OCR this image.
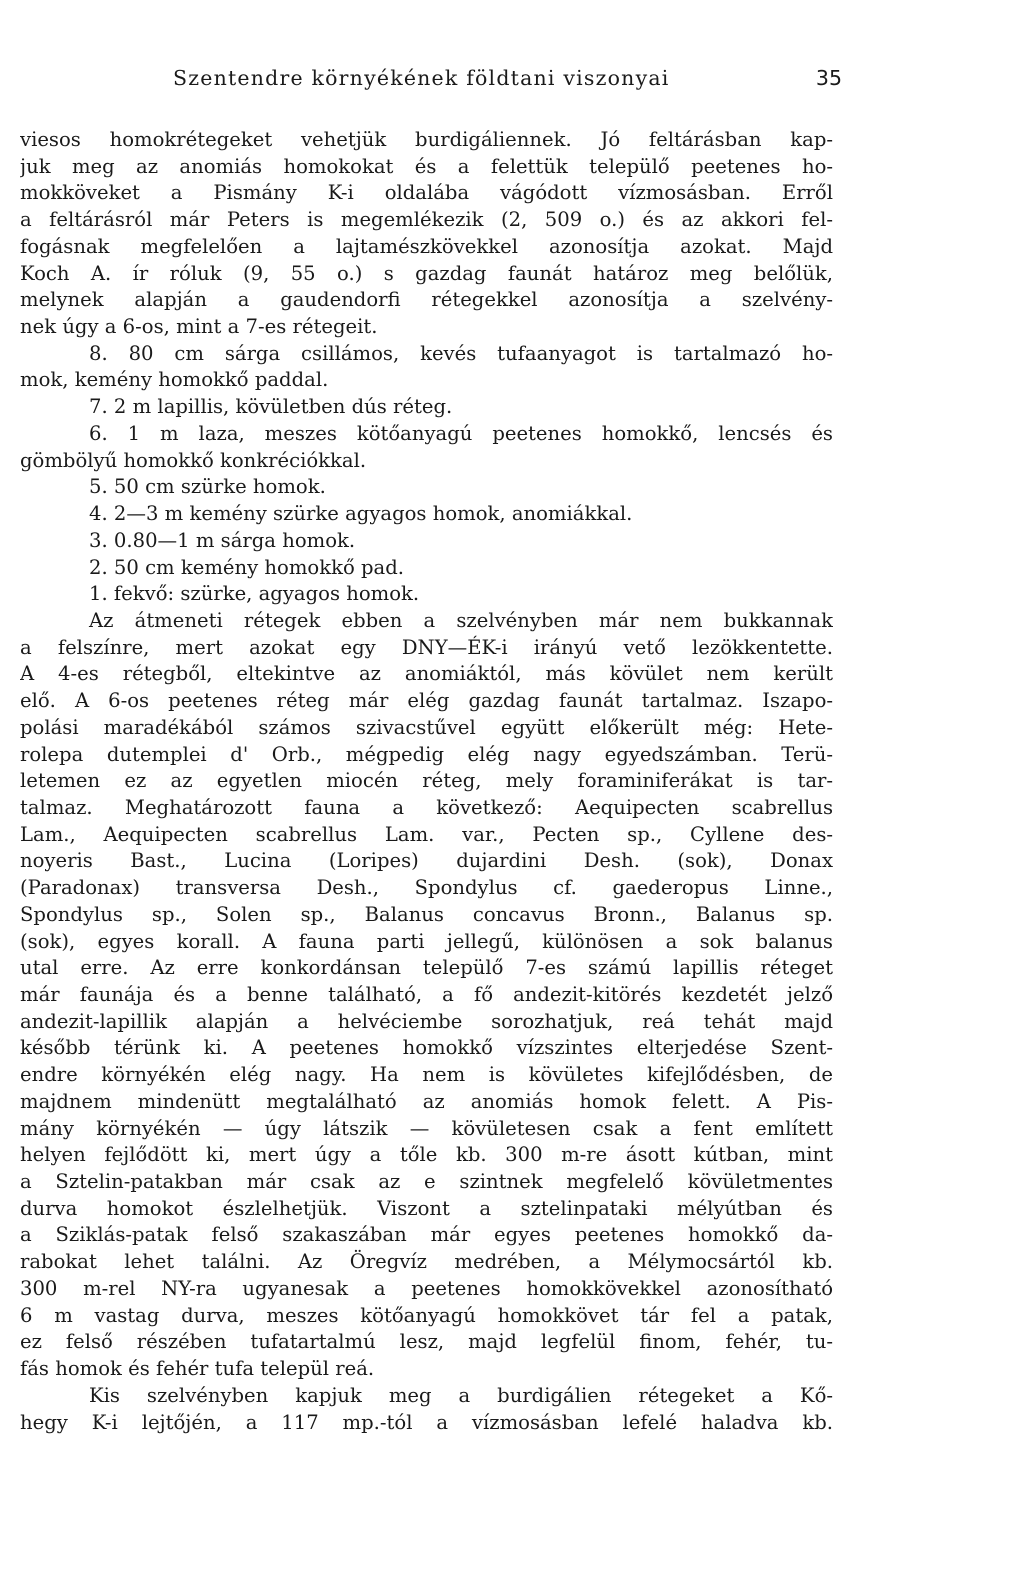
Szentendre környékének földtani viszonyai	35
viesos homokrétegeket vehetjük burdigáliennek. Jó feltárásban kap-
juk meg az anomiás homokokat és a felettük települő peetenes ho-
mokköveket a Pismány K-i oldalába vágódott vízmosásban. Erről
a feltárásról már Peters is megemlékezik (2, 509 o.) és az akkori fel-
fogásnak megfelelően a lajtamészkövekkel azonosítja azokat. Majd
Koch A. ír róluk (9, 55 o.) s gazdag faunát határoz meg belőlük,
melynek alapján a gaudendorfi rétegekkel azonosítja a szelvény-
nek úgy a 6-os, mint a 7-es rétegeit.
8. 80 cm sárga csillámos, kevés tufaanyagot is tartalmazó ho-
mok, kemény homokkő paddal.
7. 2 m lapillis, kövületben dús réteg.
6. 1 m laza, meszes kötőanyagú peetenes homokkő, lencsés és
gömbölyű homokkő konkréciókkal.
5. 50 cm szürke homok.
4. 2—3 m kemény szürke agyagos homok, anomiákkal.
3. 0.80—1 m sárga homok.
2. 50 cm kemény homokkő pad.
1. fekvő: szürke, agyagos homok.
Az átmeneti rétegek ebben a szelvényben már nem bukkannak
a felszínre, mert azokat egy DNY—ÉK-i irányú vető lezökkentette.
A 4-es rétegből, eltekintve az anomiáktól, más kövület nem került
elő. A 6-os peetenes réteg már elég gazdag faunát tartalmaz. Iszapo-
polási maradékából számos szivacstűvel együtt előkerült még: Hete-
rolepa dutemplei d' Orb., mégpedig elég nagy egyedszámban. Terü-
letemen ez az egyetlen miocén réteg, mely foraminiferákat is tar-
talmaz. Meghatározott fauna a következő: Aequipecten scabrellus
Lam., Aequipecten scabrellus Lam. var., Pecten sp., Cyllene des-
noyeris Bast., Lucina (Loripes) dujardini Desh. (sok), Donax
(Paradonax) transversa Desh., Spondylus cf. gaederopus Linne.,
Spondylus sp., Solen sp., Balanus concavus Bronn., Balanus sp.
(sok), egyes korall. A fauna parti jellegű, különösen a sok balanus
utal erre. Az erre konkordánsan települő 7-es számú lapillis réteget
már faunája és a benne található, a fő andezit-kitörés kezdetét jelző
andezit-lapillik alapján a helvéciembe sorozhatjuk, reá tehát majd
később térünk ki. A peetenes homokkő vízszintes elterjedése Szent-
endre környékén elég nagy. Ha nem is kövületes kifejlődésben, de
majdnem mindenütt megtalálható az anomiás homok felett. A Pis-
mány környékén — úgy látszik — kövületesen csak a fent említett
helyen fejlődött ki, mert úgy a tőle kb. 300 m-re ásott kútban, mint
a Sztelin-patakban már csak az e szintnek megfelelő kövületmentes
durva homokot észlelhetjük. Viszont a sztelinpataki mélyútban és
a Sziklás-patak felső szakaszában már egyes peetenes homokkő da-
rabokat lehet találni. Az Öregvíz medrében, a Mélymocsártól kb.
300 m-rel NY-ra ugyanesak a peetenes homokkövekkel azonosítható
6 m vastag durva, meszes kötőanyagú homokkövet tár fel a patak,
ez felső részében tufatartalmú lesz, majd legfelül finom, fehér, tu-
fás homok és fehér tufa települ reá.
Kis szelvényben kapjuk meg a burdigálien rétegeket a Kő-
hegy K-i lejtőjén, a 117 mp.-tól a vízmosásban lefelé haladva kb.
